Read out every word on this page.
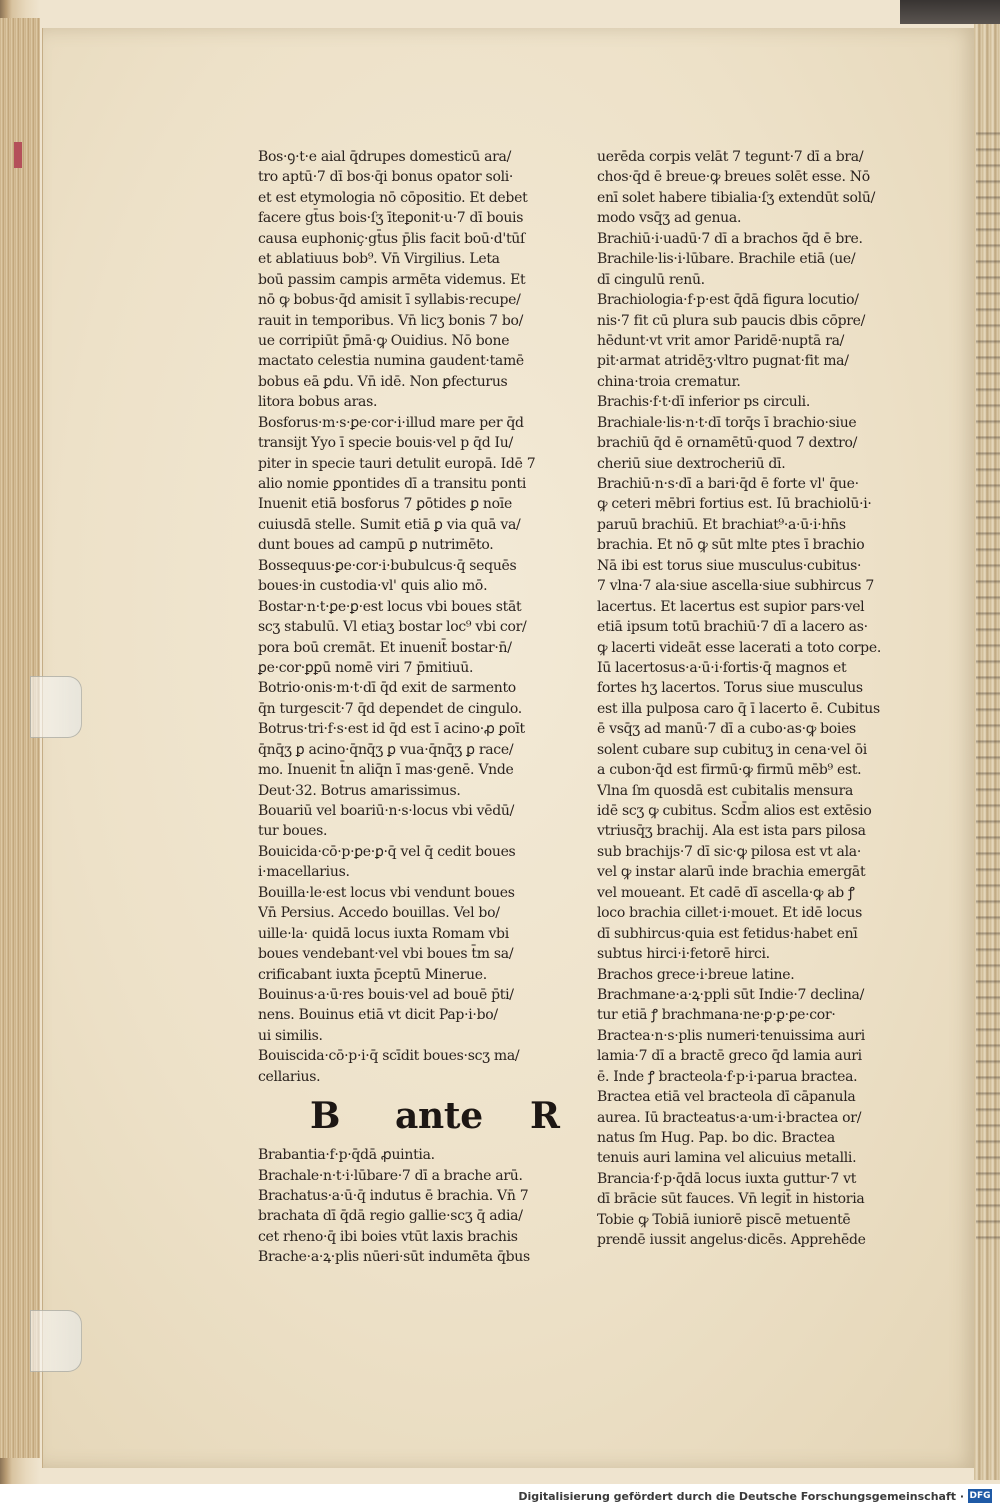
Bos·ꝯ·t·e aial q̄drupes domesticū ara/
tro aptū·7 dī bos·q̄i bonus opator soli·
et est etymologia nō cōpositio. Et debet
facere gt̄us bois·ſʒ īteꝑonit·u·7 dī bouis
causa euphoniç·gt̄us p̄lis facit boū·d'tūſ
et ablatiuus bob⁹. Vn̄ Virgilius. Leta
boū passim campis armēta videmus. Et
nō ꝙ bobus·q̄d amisit ī syllabis·recupe/
rauit in temporibus. Vn̄ licʒ bonis 7 bo/
ue corripiūt p̄mā·ꝙ Ouidius. Nō bone
mactato celestia numina gaudent·tamē
bobus eā ꝑdu. Vn̄ idē. Non ꝑfecturus
litora bobus aras.
Bosforus·m·s·ꝑe·cor·i·illud mare per q̄d
transijt Yyo ī specie bouis·vel p q̄d Iu/
piter in specie tauri detulit europā. Idē 7
alio nomie ꝑpontides dī a transitu ponti
Inuenit etiā bosforus 7 ꝑōtides ꝑ noīe
cuiusdā stelle. Sumit etiā ꝑ via quā va/
dunt boues ad campū ꝑ nutrimēto.
Bossequus·ꝑe·cor·i·bubulcus·q̄ sequēs
boues·in custodia·vl' quis alio mō.
Bostar·n·t·ꝑe·ꝑ·est locus vbi boues stāt
scʒ stabulū. Vl etiaʒ bostar loc⁹ vbi cor/
pora boū cremāt. Et inuenit̄ bostar·n̄/
ꝑe·cor·ꝑꝑū nomē viri 7 p̄mitiuū.
Botrio·onis·m·t·dī q̄d exit de sarmento
q̄n turgescit·7 q̄d dependet de cingulo.
Botrus·tri·f·s·est id q̄d est ī acino·ꝓ ꝑoīt
q̄nq̄ʒ ꝑ acino·q̄nq̄ʒ ꝑ vua·q̄nq̄ʒ ꝑ race/
mo. Inuenit t̄n aliq̄n ī mas·genē. Vnde
Deut·32. Botrus amarissimus.
Bouariū vel boariū·n·s·locus vbi vēdū/
tur boues.
Bouicida·cō·p·ꝑe·ꝑ·q̄ vel q̄ cedit boues
i·macellarius.
Bouilla·le·est locus vbi vendunt boues
Vn̄ Persius. Accedo bouillas. Vel bo/
uille·la· quidā locus iuxta Romam vbi
boues vendebant·vel vbi boues t̄m sa/
crificabant iuxta p̄ceptū Minerue.
Bouinus·a·ū·res bouis·vel ad bouē p̄ti/
nens. Bouinus etiā vt dicit Pap·i·bo/
ui similis.
Bouiscida·cō·p·i·q̄ scīdit boues·scʒ ma/
cellarius.
B ante R
Brabantia·f·p·q̄dā ꝓuintia.
Brachale·n·t·i·lūbare·7 dī a brache arū.
Brachatus·a·ū·q̄ indutus ē brachia. Vn̄ 7
brachata dī q̄dā regio gallie·scʒ q̄ adia/
cet rheno·q̄ ibi boies vtūt laxis brachis
Brache·a·ꝝ·plis nūeri·sūt indumēta q̄bus
uerēda corpis velāt 7 tegunt·7 dī a bra/
chos·q̄d ē breue·ꝙ breues solēt esse. Nō
enī solet habere tibialia·ſʒ extendūt solū/
modo vsq̄ʒ ad genua.
Brachiū·i·uadū·7 dī a brachos q̄d ē bre.
Brachile·lis·i·lūbare. Brachile etiā (ue/
dī cingulū renū.
Brachiologia·f·p·est q̄dā figura locutio/
nis·7 fit cū plura sub paucis dbis cōpre/
hēdunt·vt vrit amor Paridē·nuptā ra/
pit·armat atridēʒ·vltro pugnat·fit ma/
china·troia crematur.
Brachis·f·t·dī inferior ps circuli.
Brachiale·lis·n·t·dī torq̄s ī brachio·siue
brachiū q̄d ē ornamētū·quod 7 dextro/
cheriū siue dextrocheriū dī.
Brachiū·n·s·dī a bari·q̄d ē forte vl' q̄ue·
ꝙ ceteri mēbri fortius est. Iū brachiolū·i·
paruū brachiū. Et brachiat⁹·a·ū·i·hn̄s
brachia. Et nō ꝙ sūt mlte ptes ī brachio
Nā ibi est torus siue musculus·cubitus·
7 vlna·7 ala·siue ascella·siue subhircus 7
lacertus. Et lacertus est supior pars·vel
etiā ipsum totū brachiū·7 dī a lacero as·
ꝙ lacerti videāt esse lacerati a toto corpe.
Iū lacertosus·a·ū·i·fortis·q̄ magnos et
fortes hʒ lacertos. Torus siue musculus
est illa pulposa caro q̄ ī lacerto ē. Cubitus
ē vsq̄ʒ ad manū·7 dī a cubo·as·ꝙ boies
solent cubare sup cubituʒ in cena·vel ōi
a cubon·q̄d est firmū·ꝙ firmū mēb⁹ est.
Vlna ſm quosdā est cubitalis mensura
idē scʒ ꝙ cubitus. Scd̄m alios est extēsio
vtriusq̄ʒ brachij. Ala est ista pars pilosa
sub brachijs·7 dī sic·ꝙ pilosa est vt ala·
vel ꝙ instar alarū inde brachia emergāt
vel moueant. Et cadē dī ascella·ꝙ ab ꝭ
loco brachia cillet·i·mouet. Et idē locus
dī subhircus·quia est fetidus·habet enī
subtus hirci·i·fetorē hirci.
Brachos grece·i·breue latine.
Brachmane·a·ꝝ·ppli sūt Indie·7 declina/
tur etiā ꝭ brachmana·ne·ꝑ·ꝑ·ꝑe·cor·
Bractea·n·s·plis numeri·tenuissima auri
lamia·7 dī a bractē greco q̄d lamia auri
ē. Inde ꝭ bracteola·f·p·i·parua bractea.
Bractea etiā vel bracteola dī cāpanula
aurea. Iū bracteatus·a·um·i·bractea or/
natus ſm Hug. Pap. bo dic. Bractea
tenuis auri lamina vel alicuius metalli.
Brancia·f·p·q̄dā locus iuxta guttur·7 vt
dī brācie sūt fauces. Vn̄ legit̄ in historia
Tobie ꝙ Tobiā iuniorē piscē metuentē
prendē iussit angelus·dicēs. Apprehēde
Digitalisierung gefördert durch die Deutsche Forschungsgemeinschaft · DFG
